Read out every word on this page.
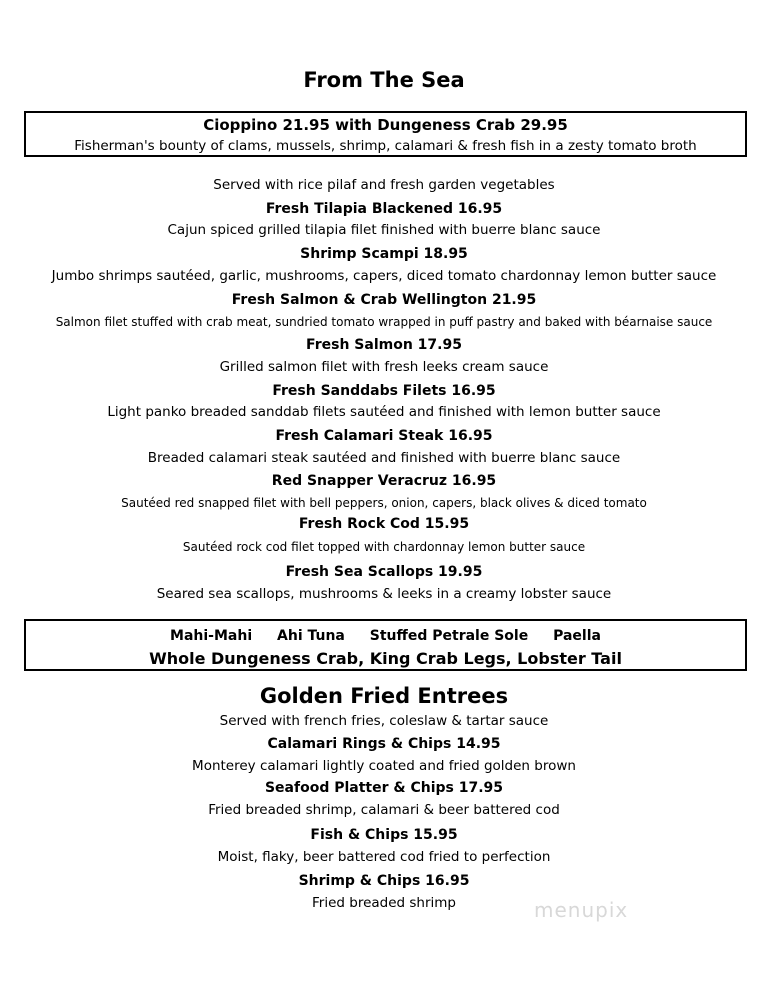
From The Sea
Cioppino 21.95 with Dungeness Crab 29.95
Fisherman's bounty of clams, mussels, shrimp, calamari & fresh fish in a zesty tomato broth
Served with rice pilaf and fresh garden vegetables
Fresh Tilapia Blackened 16.95
Cajun spiced grilled tilapia filet finished with buerre blanc sauce
Shrimp Scampi 18.95
Jumbo shrimps sautéed, garlic, mushrooms, capers, diced tomato chardonnay lemon butter sauce
Fresh Salmon & Crab Wellington 21.95
Salmon filet stuffed with crab meat, sundried tomato wrapped in puff pastry and baked with béarnaise sauce
Fresh Salmon 17.95
Grilled salmon filet with fresh leeks cream sauce
Fresh Sanddabs Filets 16.95
Light panko breaded sanddab filets sautéed and finished with lemon butter sauce
Fresh Calamari Steak 16.95
Breaded calamari steak sautéed and finished with buerre blanc sauce
Red Snapper Veracruz 16.95
Sautéed red snapped filet with bell peppers, onion, capers, black olives & diced tomato
Fresh Rock Cod 15.95
Sautéed rock cod filet topped with chardonnay lemon butter sauce
Fresh Sea Scallops 19.95
Seared sea scallops, mushrooms & leeks in a creamy lobster sauce
Mahi-Mahi Ahi Tuna Stuffed Petrale Sole Paella
Whole Dungeness Crab, King Crab Legs, Lobster Tail
Golden Fried Entrees
Served with french fries, coleslaw & tartar sauce
Calamari Rings & Chips 14.95
Monterey calamari lightly coated and fried golden brown
Seafood Platter & Chips 17.95
Fried breaded shrimp, calamari & beer battered cod
Fish & Chips 15.95
Moist, flaky, beer battered cod fried to perfection
Shrimp & Chips 16.95
Fried breaded shrimp	menupix
